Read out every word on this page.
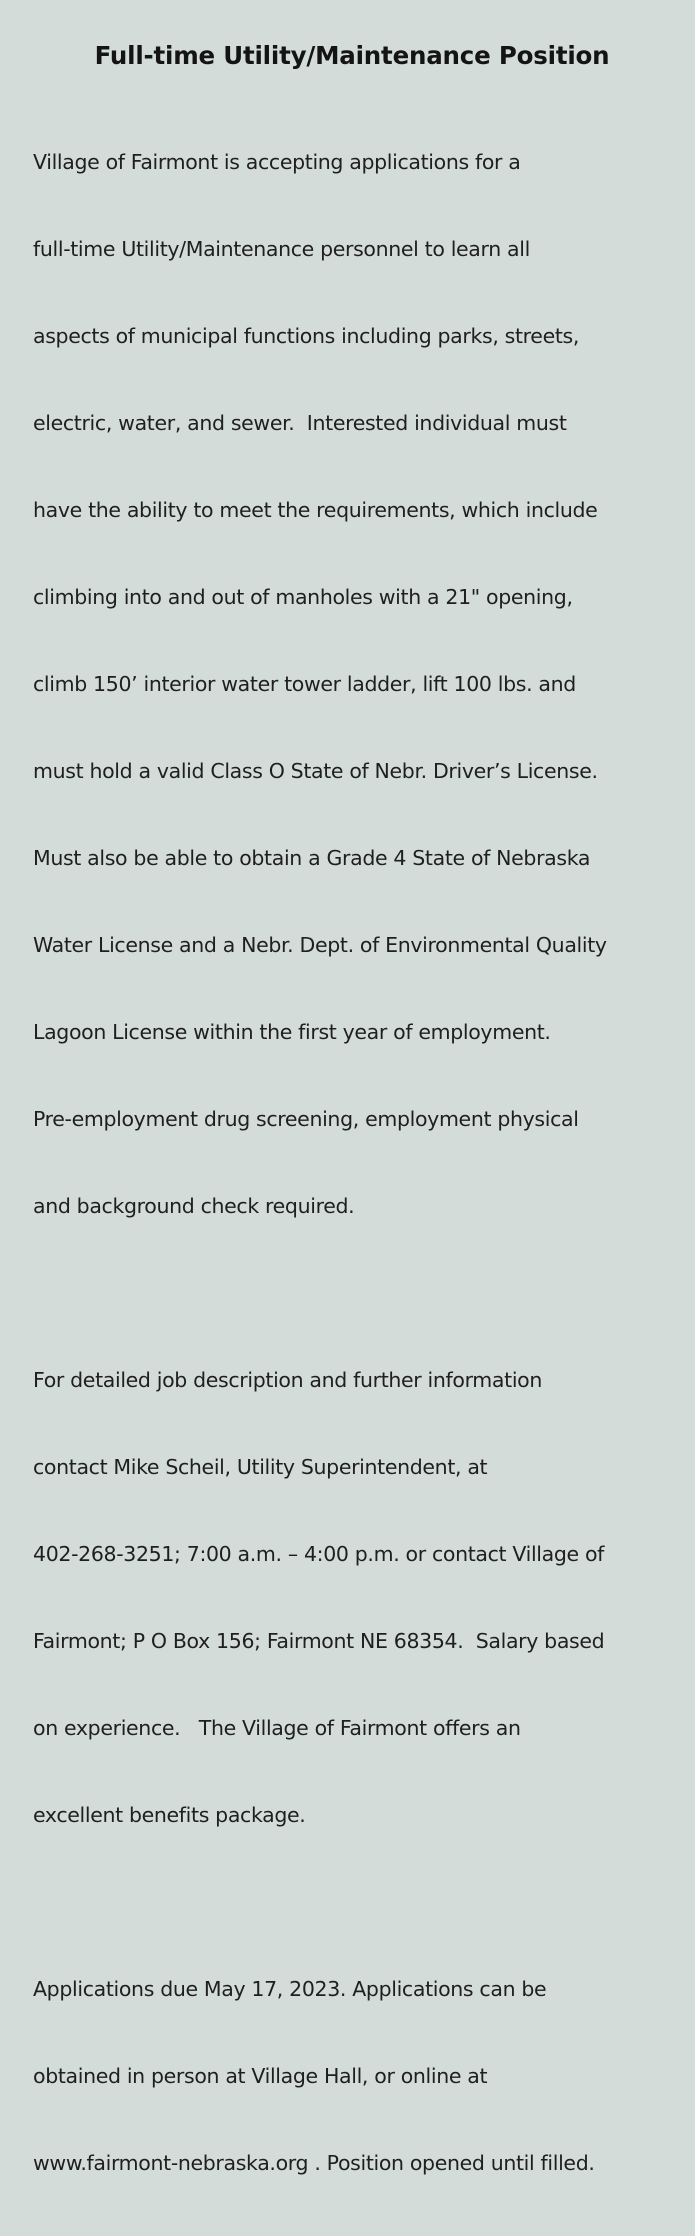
Full-time Utility/Maintenance Position

Village of Fairmont is accepting applications for a

full-time Utility/Maintenance personnel to learn all

aspects of municipal functions including parks, streets,

electric, water, and sewer.  Interested individual must

have the ability to meet the requirements, which include

climbing into and out of manholes with a 21" opening,

climb 150’ interior water tower ladder, lift 100 lbs. and

must hold a valid Class O State of Nebr. Driver’s License.

Must also be able to obtain a Grade 4 State of Nebraska

Water License and a Nebr. Dept. of Environmental Quality

Lagoon License within the first year of employment.

Pre-employment drug screening, employment physical

and background check required.

For detailed job description and further information

contact Mike Scheil, Utility Superintendent, at

402-268-3251; 7:00 a.m. – 4:00 p.m. or contact Village of

Fairmont; P O Box 156; Fairmont NE 68354.  Salary based

on experience.   The Village of Fairmont offers an

excellent benefits package.

Applications due May 17, 2023. Applications can be

obtained in person at Village Hall, or online at

www.fairmont-nebraska.org . Position opened until filled.
